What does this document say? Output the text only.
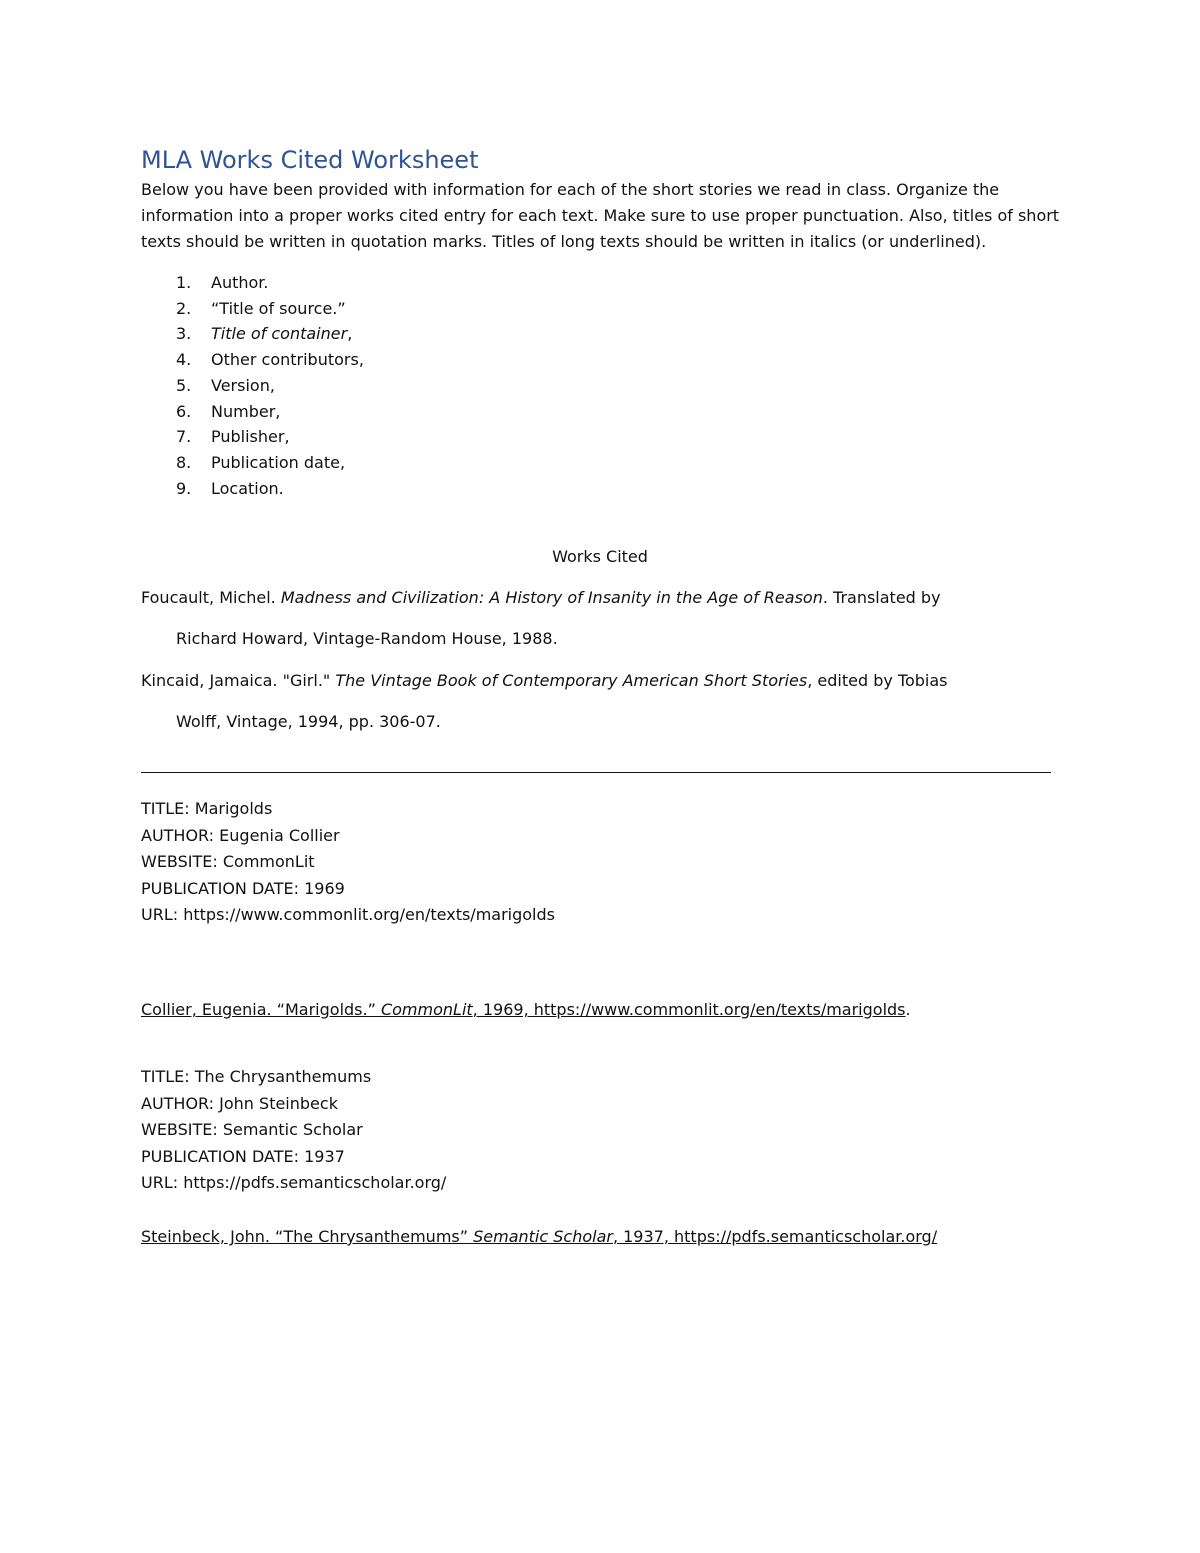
MLA Works Cited Worksheet

Below you have been provided with information for each of the short stories we read in class. Organize the information into a proper works cited entry for each text. Make sure to use proper punctuation. Also, titles of short texts should be written in quotation marks. Titles of long texts should be written in italics (or underlined).

1. Author.
2. “Title of source.”
3. Title of container,
4. Other contributors,
5. Version,
6. Number,
7. Publisher,
8. Publication date,
9. Location.
Works Cited

Foucault, Michel. Madness and Civilization: A History of Insanity in the Age of Reason. Translated by

Richard Howard, Vintage-Random House, 1988.

Kincaid, Jamaica. "Girl." The Vintage Book of Contemporary American Short Stories, edited by Tobias

Wolff, Vintage, 1994, pp. 306-07.

TITLE: Marigolds
AUTHOR: Eugenia Collier
WEBSITE: CommonLit
PUBLICATION DATE: 1969
URL: https://www.commonlit.org/en/texts/marigolds

Collier, Eugenia. “Marigolds.” CommonLit, 1969, https://www.commonlit.org/en/texts/marigolds.

TITLE: The Chrysanthemums
AUTHOR: John Steinbeck
WEBSITE: Semantic Scholar
PUBLICATION DATE: 1937
URL: https://pdfs.semanticscholar.org/

Steinbeck, John. “The Chrysanthemums” Semantic Scholar, 1937, https://pdfs.semanticscholar.org/
